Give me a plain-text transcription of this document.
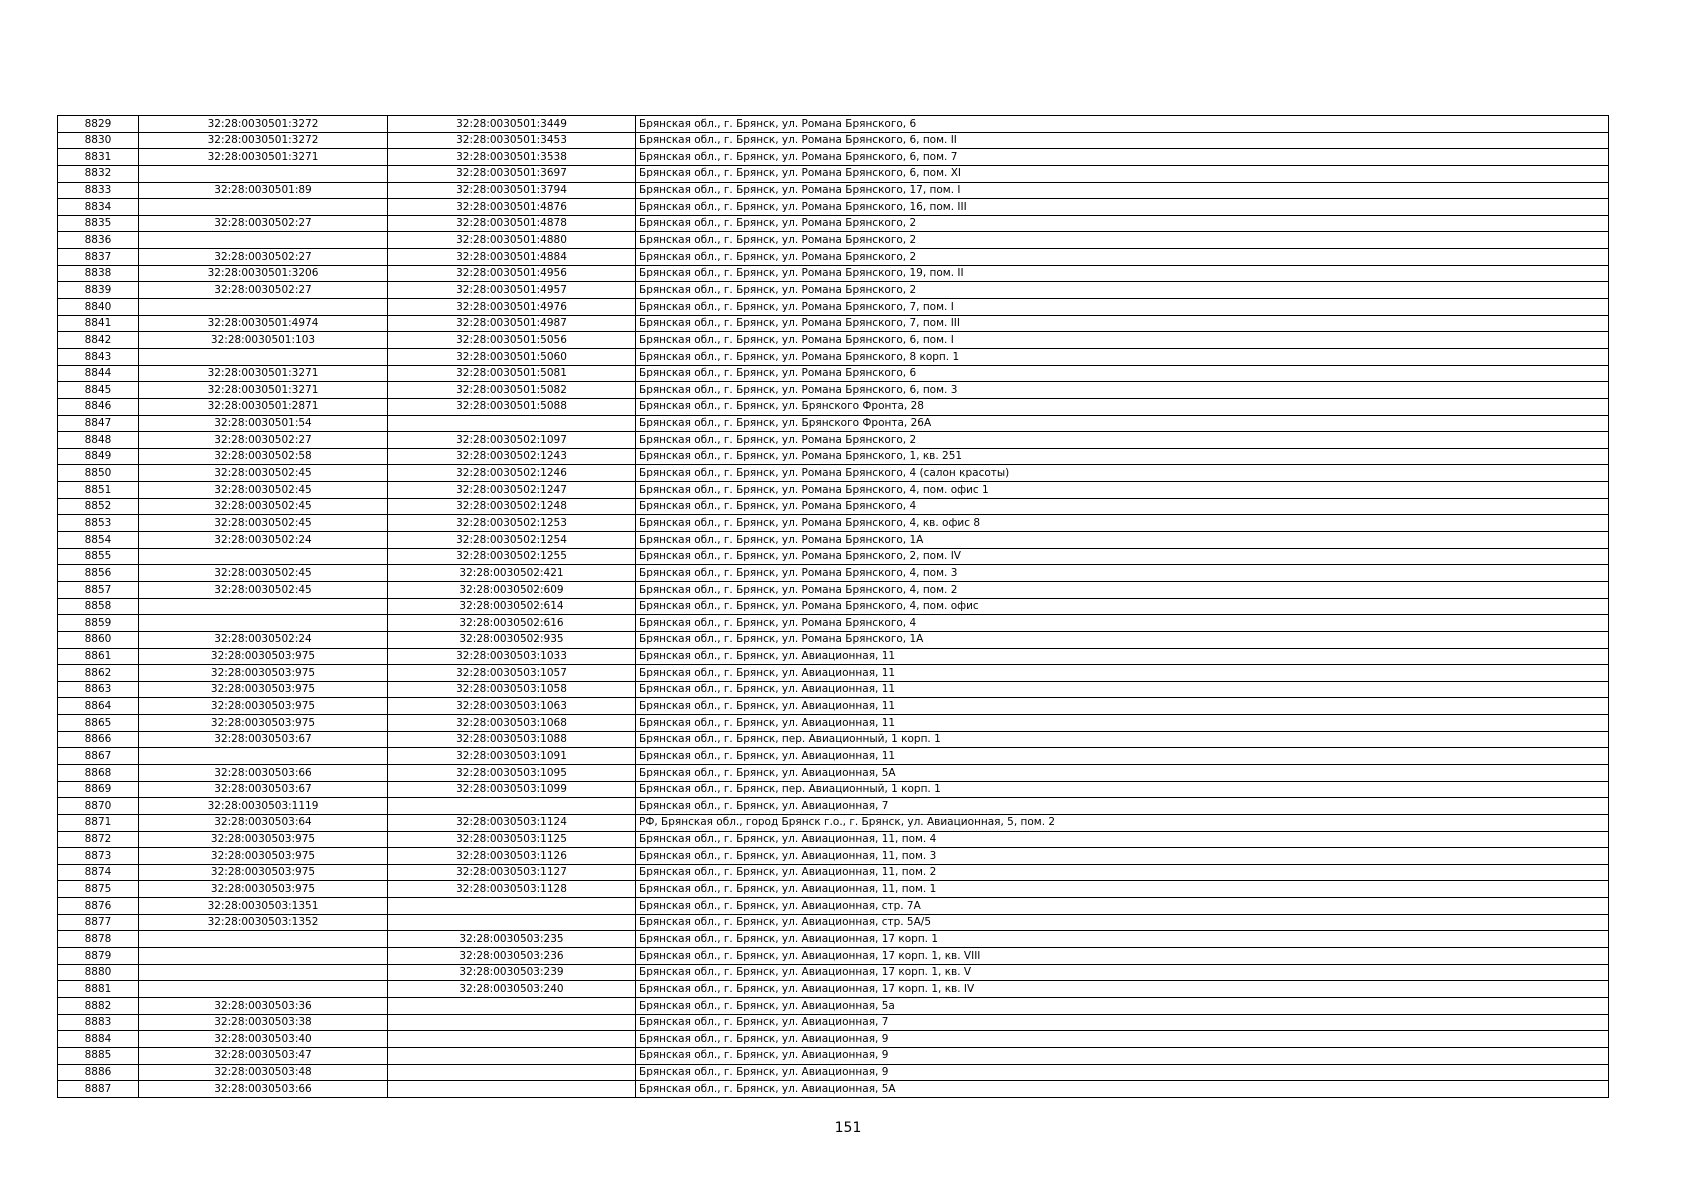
8829	32:28:0030501:3272	32:28:0030501:3449	Брянская обл., г. Брянск, ул. Романа Брянского, 6
8830	32:28:0030501:3272	32:28:0030501:3453	Брянская обл., г. Брянск, ул. Романа Брянского, 6, пом. II
8831	32:28:0030501:3271	32:28:0030501:3538	Брянская обл., г. Брянск, ул. Романа Брянского, 6, пом. 7
8832		32:28:0030501:3697	Брянская обл., г. Брянск, ул. Романа Брянского, 6, пом. XI
8833	32:28:0030501:89	32:28:0030501:3794	Брянская обл., г. Брянск, ул. Романа Брянского, 17, пом. I
8834		32:28:0030501:4876	Брянская обл., г. Брянск, ул. Романа Брянского, 16, пом. III
8835	32:28:0030502:27	32:28:0030501:4878	Брянская обл., г. Брянск, ул. Романа Брянского, 2
8836		32:28:0030501:4880	Брянская обл., г. Брянск, ул. Романа Брянского, 2
8837	32:28:0030502:27	32:28:0030501:4884	Брянская обл., г. Брянск, ул. Романа Брянского, 2
8838	32:28:0030501:3206	32:28:0030501:4956	Брянская обл., г. Брянск, ул. Романа Брянского, 19, пом. II
8839	32:28:0030502:27	32:28:0030501:4957	Брянская обл., г. Брянск, ул. Романа Брянского, 2
8840		32:28:0030501:4976	Брянская обл., г. Брянск, ул. Романа Брянского, 7, пом. I
8841	32:28:0030501:4974	32:28:0030501:4987	Брянская обл., г. Брянск, ул. Романа Брянского, 7, пом. III
8842	32:28:0030501:103	32:28:0030501:5056	Брянская обл., г. Брянск, ул. Романа Брянского, 6, пом. I
8843		32:28:0030501:5060	Брянская обл., г. Брянск, ул. Романа Брянского, 8 корп. 1
8844	32:28:0030501:3271	32:28:0030501:5081	Брянская обл., г. Брянск, ул. Романа Брянского, 6
8845	32:28:0030501:3271	32:28:0030501:5082	Брянская обл., г. Брянск, ул. Романа Брянского, 6, пом. 3
8846	32:28:0030501:2871	32:28:0030501:5088	Брянская обл., г. Брянск, ул. Брянского Фронта, 28
8847	32:28:0030501:54		Брянская обл., г. Брянск, ул. Брянского Фронта, 26А
8848	32:28:0030502:27	32:28:0030502:1097	Брянская обл., г. Брянск, ул. Романа Брянского, 2
8849	32:28:0030502:58	32:28:0030502:1243	Брянская обл., г. Брянск, ул. Романа Брянского, 1, кв. 251
8850	32:28:0030502:45	32:28:0030502:1246	Брянская обл., г. Брянск, ул. Романа Брянского, 4 (салон красоты)
8851	32:28:0030502:45	32:28:0030502:1247	Брянская обл., г. Брянск, ул. Романа Брянского, 4, пом. офис 1
8852	32:28:0030502:45	32:28:0030502:1248	Брянская обл., г. Брянск, ул. Романа Брянского, 4
8853	32:28:0030502:45	32:28:0030502:1253	Брянская обл., г. Брянск, ул. Романа Брянского, 4, кв. офис 8
8854	32:28:0030502:24	32:28:0030502:1254	Брянская обл., г. Брянск, ул. Романа Брянского, 1А
8855		32:28:0030502:1255	Брянская обл., г. Брянск, ул. Романа Брянского, 2, пом. IV
8856	32:28:0030502:45	32:28:0030502:421	Брянская обл., г. Брянск, ул. Романа Брянского, 4, пом. 3
8857	32:28:0030502:45	32:28:0030502:609	Брянская обл., г. Брянск, ул. Романа Брянского, 4, пом. 2
8858		32:28:0030502:614	Брянская обл., г. Брянск, ул. Романа Брянского, 4, пом. офис
8859		32:28:0030502:616	Брянская обл., г. Брянск, ул. Романа Брянского, 4
8860	32:28:0030502:24	32:28:0030502:935	Брянская обл., г. Брянск, ул. Романа Брянского, 1А
8861	32:28:0030503:975	32:28:0030503:1033	Брянская обл., г. Брянск, ул. Авиационная, 11
8862	32:28:0030503:975	32:28:0030503:1057	Брянская обл., г. Брянск, ул. Авиационная, 11
8863	32:28:0030503:975	32:28:0030503:1058	Брянская обл., г. Брянск, ул. Авиационная, 11
8864	32:28:0030503:975	32:28:0030503:1063	Брянская обл., г. Брянск, ул. Авиационная, 11
8865	32:28:0030503:975	32:28:0030503:1068	Брянская обл., г. Брянск, ул. Авиационная, 11
8866	32:28:0030503:67	32:28:0030503:1088	Брянская обл., г. Брянск, пер. Авиационный, 1 корп. 1
8867		32:28:0030503:1091	Брянская обл., г. Брянск, ул. Авиационная, 11
8868	32:28:0030503:66	32:28:0030503:1095	Брянская обл., г. Брянск, ул. Авиационная, 5А
8869	32:28:0030503:67	32:28:0030503:1099	Брянская обл., г. Брянск, пер. Авиационный, 1 корп. 1
8870	32:28:0030503:1119		Брянская обл., г. Брянск, ул. Авиационная, 7
8871	32:28:0030503:64	32:28:0030503:1124	РФ, Брянская обл., город Брянск г.о., г. Брянск, ул. Авиационная, 5, пом. 2
8872	32:28:0030503:975	32:28:0030503:1125	Брянская обл., г. Брянск, ул. Авиационная, 11, пом. 4
8873	32:28:0030503:975	32:28:0030503:1126	Брянская обл., г. Брянск, ул. Авиационная, 11, пом. 3
8874	32:28:0030503:975	32:28:0030503:1127	Брянская обл., г. Брянск, ул. Авиационная, 11, пом. 2
8875	32:28:0030503:975	32:28:0030503:1128	Брянская обл., г. Брянск, ул. Авиационная, 11, пом. 1
8876	32:28:0030503:1351		Брянская обл., г. Брянск, ул. Авиационная, стр. 7А
8877	32:28:0030503:1352		Брянская обл., г. Брянск, ул. Авиационная, стр. 5А/5
8878		32:28:0030503:235	Брянская обл., г. Брянск, ул. Авиационная, 17 корп. 1
8879		32:28:0030503:236	Брянская обл., г. Брянск, ул. Авиационная, 17 корп. 1, кв. VIII
8880		32:28:0030503:239	Брянская обл., г. Брянск, ул. Авиационная, 17 корп. 1, кв. V
8881		32:28:0030503:240	Брянская обл., г. Брянск, ул. Авиационная, 17 корп. 1, кв. IV
8882	32:28:0030503:36		Брянская обл., г. Брянск, ул. Авиационная, 5а
8883	32:28:0030503:38		Брянская обл., г. Брянск, ул. Авиационная, 7
8884	32:28:0030503:40		Брянская обл., г. Брянск, ул. Авиационная, 9
8885	32:28:0030503:47		Брянская обл., г. Брянск, ул. Авиационная, 9
8886	32:28:0030503:48		Брянская обл., г. Брянск, ул. Авиационная, 9
8887	32:28:0030503:66		Брянская обл., г. Брянск, ул. Авиационная, 5А
151
